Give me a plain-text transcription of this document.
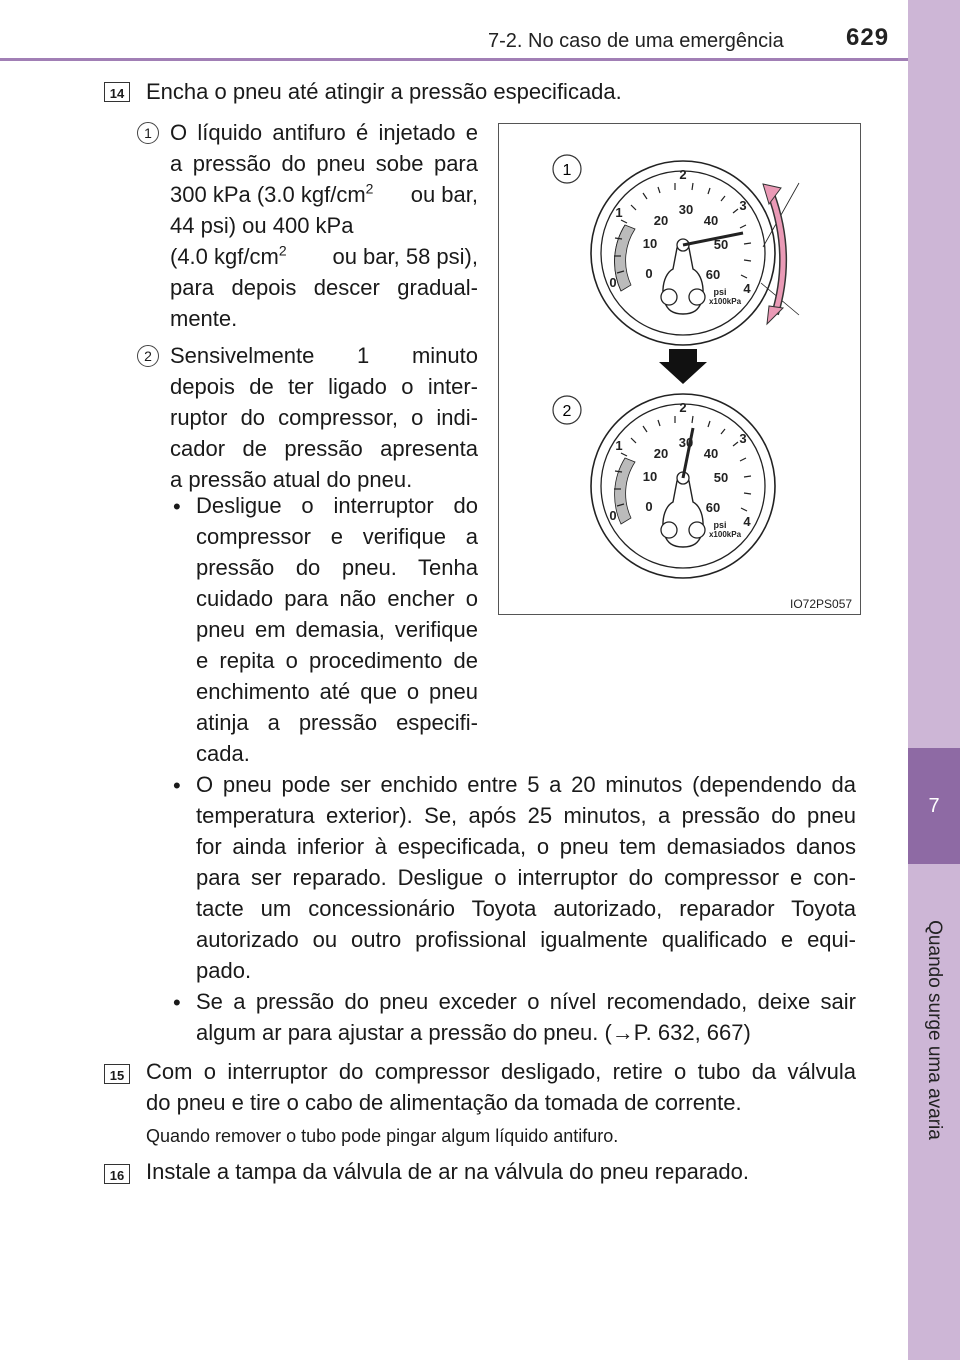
7
Quando surge uma avaria
7-2. No caso de uma emergência	629
14 Encha o pneu até atingir a pressão especificada.
1 O líquido antifuro é injetado e
a pressão do pneu sobe para
300 kPa (3.0 kgf/$cm^2$ ou bar,
44 psi) ou 400 kPa
(4.0 kgf/$cm^2$ ou bar, 58 psi),
para depois descer gradual-
mente.
2 Sensivelmente 1 minuto
depois de ter ligado o inter-
ruptor do compressor, o indi-
cador de pressão apresenta
a pressão atual do pneu.
• Desligue o interruptor do
compressor e verifique a
pressão do pneu. Tenha
cuidado para não encher o
pneu em demasia, verifique
e repita o procedimento de
enchimento até que o pneu
atinja a pressão especifi-
cada.
• O pneu pode ser enchido entre 5 a 20 minutos (dependendo da
temperatura exterior). Se, após 25 minutos, a pressão do pneu
for ainda inferior à especificada, o pneu tem demasiados danos
para ser reparado. Desligue o interruptor do compressor e con-
tacte um concessionário Toyota autorizado, reparador Toyota
autorizado ou outro profissional igualmente qualificado e equi-
pado.
• Se a pressão do pneu exceder o nível recomendado, deixe sair
algum ar para ajustar a pressão do pneu. (→P. 632, 667)
15 Com o interruptor do compressor desligado, retire o tubo da válvula
do pneu e tire o cabo de alimentação da tomada de corrente.
Quando remover o tubo pode pingar algum líquido antifuro.
16 Instale a tampa da válvula de ar na válvula do pneu reparado.
1
2
0
1
2
3
4
0
10
20
30
40
50
60
psi
x100kPa
0
1
2
3
4
0
10
20
30
40
50
60
psi
x100kPa
IO72PS057
